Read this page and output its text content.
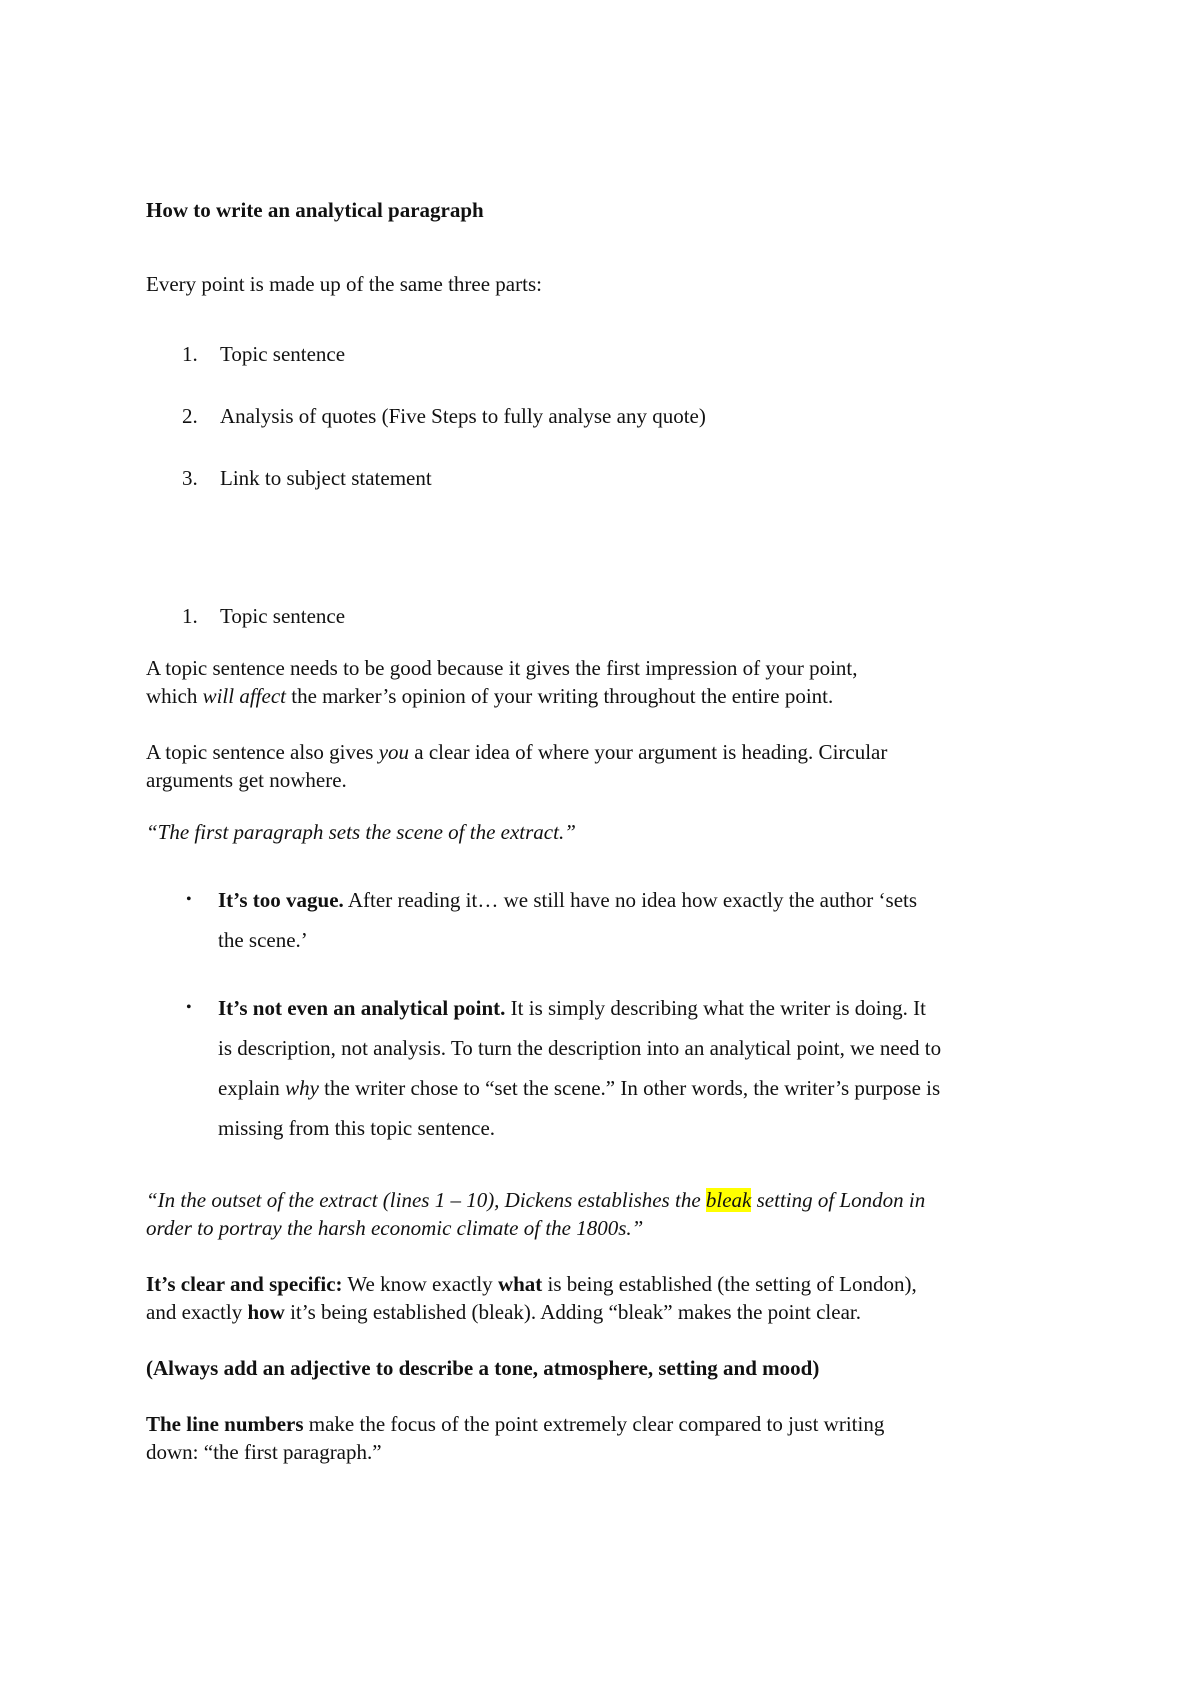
How to write an analytical paragraph

Every point is made up of the same three parts:

1. Topic sentence

2. Analysis of quotes (Five Steps to fully analyse any quote)

3. Link to subject statement

1. Topic sentence

A topic sentence needs to be good because it gives the first impression of your point,

which will affect the marker’s opinion of your writing throughout the entire point.

A topic sentence also gives you a clear idea of where your argument is heading. Circular

arguments get nowhere.

“The first paragraph sets the scene of the extract.”

• It’s too vague. After reading it… we still have no idea how exactly the author ‘sets

the scene.’

• It’s not even an analytical point. It is simply describing what the writer is doing. It

is description, not analysis. To turn the description into an analytical point, we need to

explain why the writer chose to “set the scene.” In other words, the writer’s purpose is

missing from this topic sentence.

“In the outset of the extract (lines 1 – 10), Dickens establishes the bleak setting of London in

order to portray the harsh economic climate of the 1800s.”

It’s clear and specific: We know exactly what is being established (the setting of London),

and exactly how it’s being established (bleak). Adding “bleak” makes the point clear.

(Always add an adjective to describe a tone, atmosphere, setting and mood)

The line numbers make the focus of the point extremely clear compared to just writing

down: “the first paragraph.”
